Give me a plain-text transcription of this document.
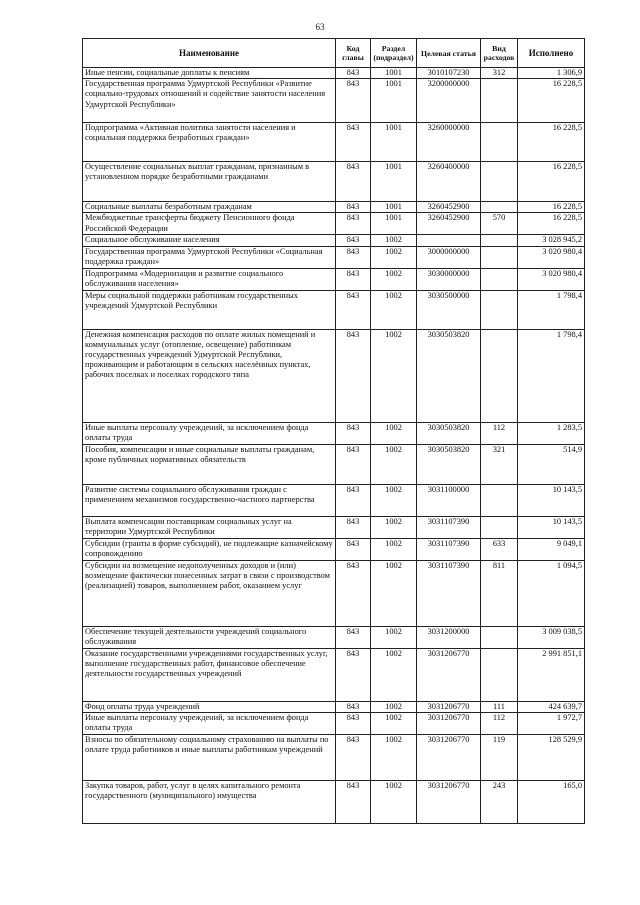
63
Наименование	Код главы	Раздел (подраздел)	Целевая статья	Вид расходов	Исполнено
Иные пенсии, социальные доплаты к пенсиям	843	1001	3010107230	312	1 306,9
Государственная программа Удмуртской Республики «Развитие социально-трудовых отношений и содействие занятости населения Удмуртской Республики»	843	1001	3200000000		16 228,5
Подпрограмма «Активная политика занятости населения и социальная поддержка безработных граждан»	843	1001	3260000000		16 228,5
Осуществление социальных выплат гражданам, признанным в установленном порядке безработными гражданами	843	1001	3260400000		16 228,5
Социальные выплаты безработным гражданам	843	1001	3260452900		16 228,5
Межбюджетные трансферты бюджету Пенсионного фонда Российской Федерации	843	1001	3260452900	570	16 228,5
Социальное обслуживание населения	843	1002			3 028 945,2
Государственная программа Удмуртской Республики «Социальная поддержка граждан»	843	1002	3000000000		3 020 980,4
Подпрограмма «Модернизация и развитие социального обслуживания населения»	843	1002	3030000000		3 020 980,4
Меры социальной поддержки работникам государственных учреждений Удмуртской Республики	843	1002	3030500000		1 798,4
Денежная компенсация расходов по оплате жилых помещений и коммунальных услуг (отопление, освещение) работникам государственных учреждений Удмуртской Республики, проживающим и работающим в сельских населённых пунктах, рабочих поселках и поселках городского типа	843	1002	3030503820		1 798,4
Иные выплаты персоналу учреждений, за исключением фонда оплаты труда	843	1002	3030503820	112	1 283,5
Пособия, компенсации и иные социальные выплаты гражданам, кроме публичных нормативных обязательств	843	1002	3030503820	321	514,9
Развитие системы социального обслуживания граждан с применением механизмов государственно-частного партнерства	843	1002	3031100000		10 143,5
Выплата компенсации поставщикам социальных услуг на территории Удмуртской Республики	843	1002	3031107390		10 143,5
Субсидии (гранты в форме субсидий), не подлежащие казначейскому сопровождению	843	1002	3031107390	633	9 049,1
Субсидии на возмещение недополученных доходов и (или) возмещение фактически понесенных затрат в связи с производством (реализацией) товаров, выполнением работ, оказанием услуг	843	1002	3031107390	811	1 094,5
Обеспечение текущей деятельности учреждений социального обслуживания	843	1002	3031200000		3 009 038,5
Оказание государственными учреждениями государственных услуг, выполнение государственных работ, финансовое обеспечение деятельности государственных учреждений	843	1002	3031206770		2 991 851,1
Фонд оплаты труда учреждений	843	1002	3031206770	111	424 639,7
Иные выплаты персоналу учреждений, за исключением фонда оплаты труда	843	1002	3031206770	112	1 972,7
Взносы по обязательному социальному страхованию на выплаты по оплате труда работников и иные выплаты работникам учреждений	843	1002	3031206770	119	128 529,9
Закупка товаров, работ, услуг в целях капитального ремонта государственного (муниципального) имущества	843	1002	3031206770	243	165,0
